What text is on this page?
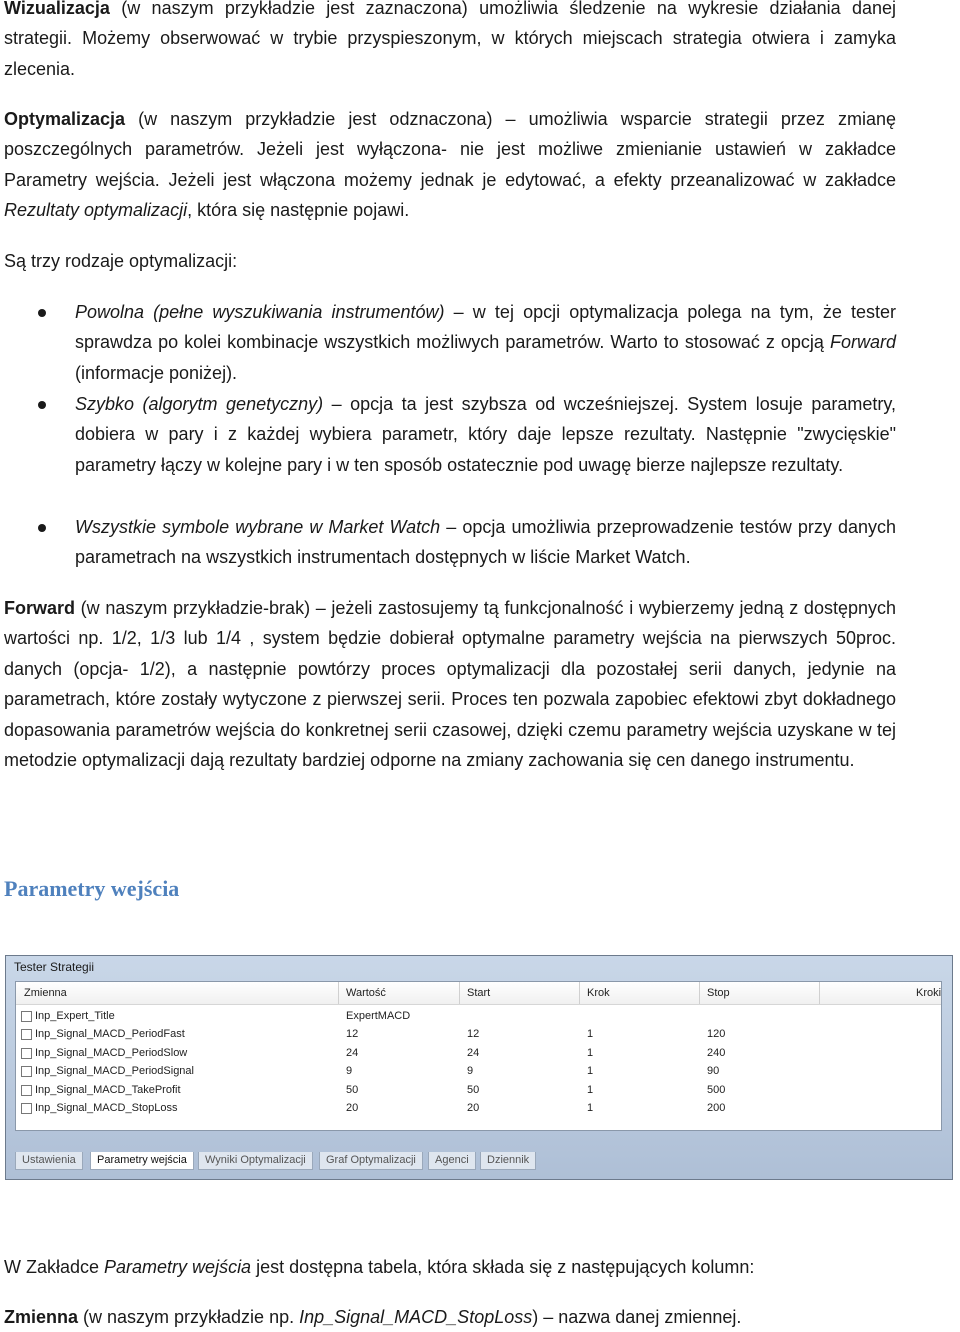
Wizualizacja (w naszym przykładzie jest zaznaczona) umożliwia śledzenie na wykresie działania danej strategii. Możemy obserwować w trybie przyspieszonym, w których miejscach strategia otwiera i zamyka zlecenia.

Optymalizacja (w naszym przykładzie jest odznaczona) – umożliwia wsparcie strategii przez zmianę poszczególnych parametrów. Jeżeli jest wyłączona- nie jest możliwe zmienianie ustawień w zakładce Parametry wejścia. Jeżeli jest włączona możemy jednak je edytować, a efekty przeanalizować w zakładce Rezultaty optymalizacji, która się następnie pojawi.

Są trzy rodzaje optymalizacji:

Powolna (pełne wyszukiwania instrumentów) – w tej opcji optymalizacja polega na tym, że tester sprawdza po kolei kombinacje wszystkich możliwych parametrów. Warto to stosować z opcją Forward (informacje poniżej).

Szybko (algorytm genetyczny) – opcja ta jest szybsza od wcześniejszej. System losuje parametry, dobiera w pary i z każdej wybiera parametr, który daje lepsze rezultaty. Następnie "zwycięskie" parametry łączy w kolejne pary i w ten sposób ostatecznie pod uwagę bierze najlepsze rezultaty.

Wszystkie symbole wybrane w Market Watch – opcja umożliwia przeprowadzenie testów przy danych parametrach na wszystkich instrumentach dostępnych w liście Market Watch.

Forward (w naszym przykładzie-brak) – jeżeli zastosujemy tą funkcjonalność i wybierzemy jedną z dostępnych wartości np. 1/2, 1/3 lub 1/4 , system będzie dobierał optymalne parametry wejścia na pierwszych 50proc. danych (opcja- 1/2), a następnie powtórzy proces optymalizacji dla pozostałej serii danych, jedynie na parametrach, które zostały wytyczone z pierwszej serii. Proces ten pozwala zapobiec efektowi zbyt dokładnego dopasowania parametrów wejścia do konkretnej serii czasowej, dzięki czemu parametry wejścia uzyskane w tej metodzie optymalizacji dają rezultaty bardziej odporne na zmiany zachowania się cen danego instrumentu.

Parametry wejścia
Tester Strategii
Zmienna	Wartość	Start	Krok	Stop	Kroki
Inp_Expert_Title	ExpertMACD
Inp_Signal_MACD_PeriodFast	12	12	1	120
Inp_Signal_MACD_PeriodSlow	24	24	1	240
Inp_Signal_MACD_PeriodSignal	9	9	1	90
Inp_Signal_MACD_TakeProfit	50	50	1	500
Inp_Signal_MACD_StopLoss	20	20	1	200
Ustawienia	Parametry wejścia	Wyniki Optymalizacji	Graf Optymalizacji	Agenci	Dziennik

W Zakładce Parametry wejścia jest dostępna tabela, która składa się z następujących kolumn:

Zmienna (w naszym przykładzie np. Inp_Signal_MACD_StopLoss) – nazwa danej zmiennej.
